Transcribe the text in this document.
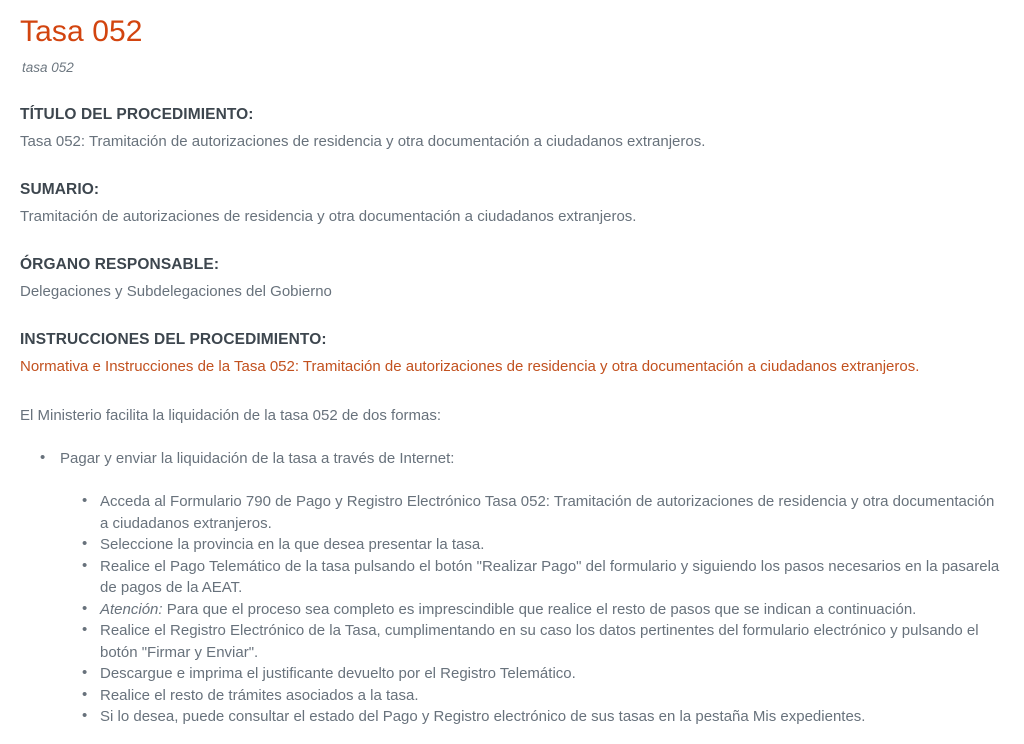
Tasa 052
tasa 052
TÍTULO DEL PROCEDIMIENTO:

Tasa 052: Tramitación de autorizaciones de residencia y otra documentación a ciudadanos extranjeros.

SUMARIO:

Tramitación de autorizaciones de residencia y otra documentación a ciudadanos extranjeros.

ÓRGANO RESPONSABLE:

Delegaciones y Subdelegaciones del Gobierno

INSTRUCCIONES DEL PROCEDIMIENTO:

Normativa e Instrucciones de la Tasa 052: Tramitación de autorizaciones de residencia y otra documentación a ciudadanos extranjeros.

El Ministerio facilita la liquidación de la tasa 052 de dos formas:

• Pagar y enviar la liquidación de la tasa a través de Internet:
• Acceda al Formulario 790 de Pago y Registro Electrónico Tasa 052: Tramitación de autorizaciones de residencia y otra documentación a ciudadanos extranjeros.
• Seleccione la provincia en la que desea presentar la tasa.
• Realice el Pago Telemático de la tasa pulsando el botón "Realizar Pago" del formulario y siguiendo los pasos necesarios en la pasarela de pagos de la AEAT.
• Atención: Para que el proceso sea completo es imprescindible que realice el resto de pasos que se indican a continuación.
• Realice el Registro Electrónico de la Tasa, cumplimentando en su caso los datos pertinentes del formulario electrónico y pulsando el botón "Firmar y Enviar".
• Descargue e imprima el justificante devuelto por el Registro Telemático.
• Realice el resto de trámites asociados a la tasa.
• Si lo desea, puede consultar el estado del Pago y Registro electrónico de sus tasas en la pestaña Mis expedientes.
